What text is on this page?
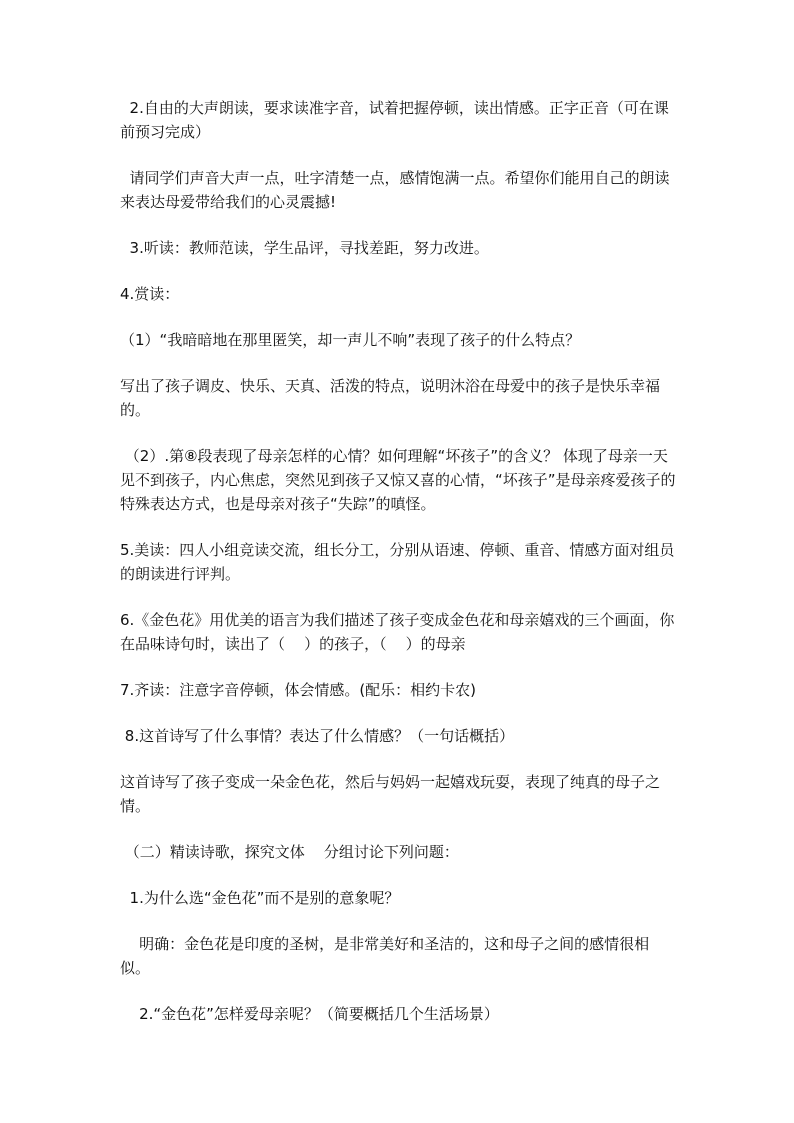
2.自由的大声朗读，要求读准字音，试着把握停顿，读出情感。正字正音（可在课前预习完成）

请同学们声音大声一点，吐字清楚一点，感情饱满一点。希望你们能用自己的朗读来表达母爱带给我们的心灵震撼!

3.听读：教师范读，学生品评，寻找差距，努力改进。

4.赏读：

（1）“我暗暗地在那里匿笑，却一声儿不响”表现了孩子的什么特点？

写出了孩子调皮、快乐、天真、活泼的特点，说明沐浴在母爱中的孩子是快乐幸福的。

（2）.第⑧段表现了母亲怎样的心情？如何理解“坏孩子”的含义？ 体现了母亲一天见不到孩子，内心焦虑，突然见到孩子又惊又喜的心情，“坏孩子”是母亲疼爱孩子的特殊表达方式，也是母亲对孩子“失踪”的嗔怪。

5.美读：四人小组竞读交流，组长分工，分别从语速、停顿、重音、情感方面对组员的朗读进行评判。

6.《金色花》用优美的语言为我们描述了孩子变成金色花和母亲嬉戏的三个画面，你在品味诗句时，读出了（    ）的孩子，（    ）的母亲

7.齐读：注意字音停顿，体会情感。(配乐：相约卡农)

8.这首诗写了什么事情？表达了什么情感？（一句话概括）

这首诗写了孩子变成一朵金色花，然后与妈妈一起嬉戏玩耍，表现了纯真的母子之情。

（二）精读诗歌，探究文体    分组讨论下列问题：

1.为什么选“金色花”而不是别的意象呢？

明确：金色花是印度的圣树，是非常美好和圣洁的，这和母子之间的感情很相似。

2.“金色花”怎样爱母亲呢？（简要概括几个生活场景）
